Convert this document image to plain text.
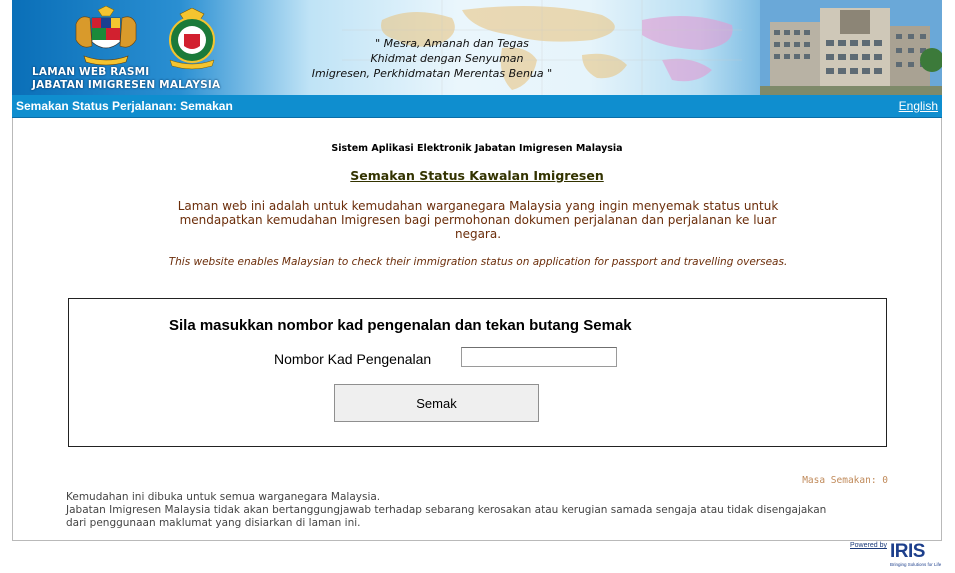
LAMAN WEB RASMI
JABATAN IMIGRESEN MALAYSIA
" Mesra, Amanah dan Tegas
Khidmat dengan Senyuman
Imigresen, Perkhidmatan Merentas Benua "
Semakan Status Perjalanan: Semakan	English
Sistem Aplikasi Elektronik Jabatan Imigresen Malaysia
Semakan Status Kawalan Imigresen
Laman web ini adalah untuk kemudahan warganegara Malaysia yang ingin menyemak status untuk mendapatkan kemudahan Imigresen bagi permohonan dokumen perjalanan dan perjalanan ke luar negara.
This website enables Malaysian to check their immigration status on application for passport and travelling overseas.
Sila masukkan nombor kad pengenalan dan tekan butang Semak
Nombor Kad Pengenalan
Semak
Masa Semakan: 0
Kemudahan ini dibuka untuk semua warganegara Malaysia.
Jabatan Imigresen Malaysia tidak akan bertanggungjawab terhadap sebarang kerosakan atau kerugian samada sengaja atau tidak disengajakan dari penggunaan maklumat yang disiarkan di laman ini.
Powered by IRIS
Bringing Solutions for Life
